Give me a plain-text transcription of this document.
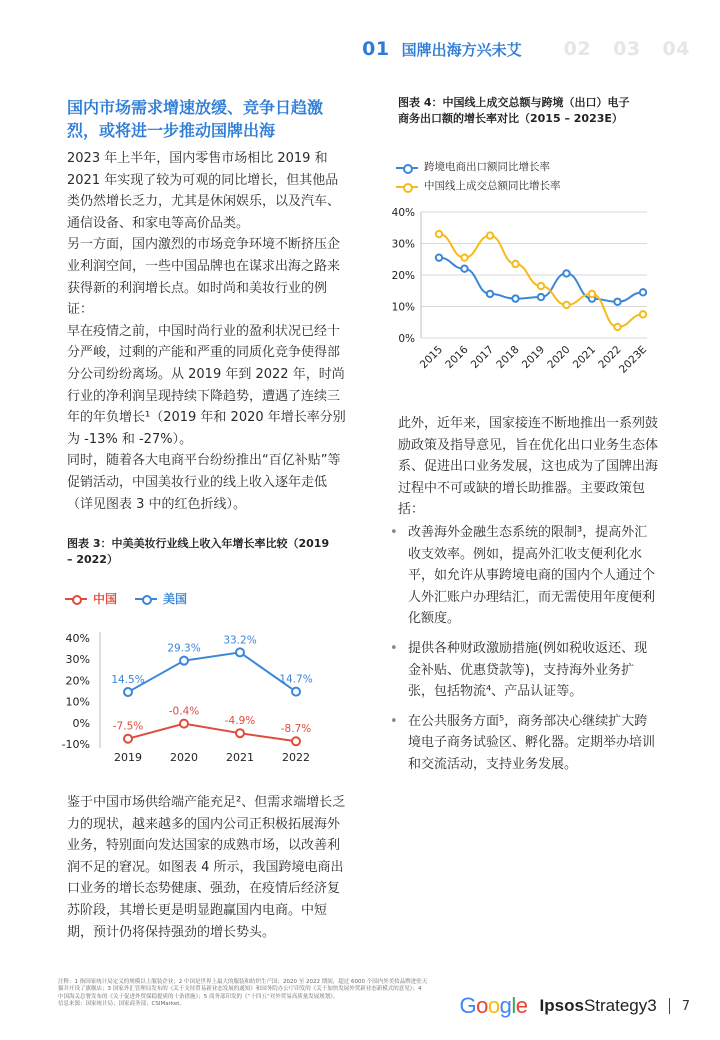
01 国牌出海方兴未艾 02 03 04
国内市场需求增速放缓、竞争日趋激烈，或将进一步推动国牌出海

2023 年上半年，国内零售市场相比 2019 和 2021 年实现了较为可观的同比增长，但其他品类仍然增长乏力，尤其是休闲娱乐，以及汽车、通信设备、和家电等高价品类。

另一方面，国内激烈的市场竞争环境不断挤压企业利润空间，一些中国品牌也在谋求出海之路来获得新的利润增长点。如时尚和美妆行业的例证：

早在疫情之前，中国时尚行业的盈利状况已经十分严峻，过剩的产能和严重的同质化竞争使得部分公司纷纷离场。从 2019 年到 2022 年，时尚行业的净利润呈现持续下降趋势，遭遇了连续三年的年负增长¹（2019 年和 2020 年增长率分别为 -13% 和 -27%）。

同时，随着各大电商平台纷纷推出“百亿补贴”等促销活动，中国美妆行业的线上收入逐年走低（详见图表 3 中的红色折线）。

图表 3：中美美妆行业线上收入年增长率比较（2019 – 2022）
中国	美国
40%
30%
20%
10%
0%
-10%
2019	2020	2021	2022
-7.5%
-0.4%
-4.9%
-8.7%
14.5%
29.3%
33.2%
14.7%

鉴于中国市场供给端产能充足²、但需求端增长乏力的现状，越来越多的国内公司正积极拓展海外业务，特别面向发达国家的成熟市场，以改善利润不足的窘况。如图表 4 所示，我国跨境电商出口业务的增长态势健康、强劲，在疫情后经济复苏阶段，其增长更是明显跑赢国内电商。中短期，预计仍将保持强劲的增长势头。

图表 4：中国线上成交总额与跨境（出口）电子商务出口额的增长率对比（2015 – 2023E）
跨境电商出口额同比增长率
中国线上成交总额同比增长率
40%
30%
20%
10%
0%
2015
2016
2017
2018
2019
2020
2021
2022
2023E

此外，近年来，国家接连不断地推出一系列鼓励政策及指导意见，旨在优化出口业务生态体系、促进出口业务发展，这也成为了国牌出海过程中不可或缺的增长助推器。主要政策包括：

• 改善海外金融生态系统的限制³，提高外汇收支效率。例如，提高外汇收支便利化水平，如允许从事跨境电商的国内个人通过个人外汇账户办理结汇，而无需使用年度便利化额度。
• 提供各种财政激励措施(例如税收返还、现金补贴、优惠贷款等)，支持海外业务扩张，包括物流⁴、产品认证等。
• 在公共服务方面⁵，商务部决心继续扩大跨境电子商务试验区、孵化器。定期举办培训和交流活动，支持业务发展。
注释：1 指国家统计局定义的规模以上服装企业；2 中国是世界上最大的服装和纺织生产国；2020 至 2022 期间，超过 6000 个国内外美妆品牌进驻天猫并开设了旗舰店；3 国家外汇管理局发布的《关于支持贸易新业态发展的通知》和国务院办公厅印发的《关于加快发展外贸新业态新模式的意见》；4 中国海关总署发布的《关于促进外贸保稳提质的十条措施》；5 商务部印发的《“十四五”对外贸易高质量发展规划》。
信息来源：国家统计局；国家商务部；CSIMarket。	Google IpsosStrategy3 7
